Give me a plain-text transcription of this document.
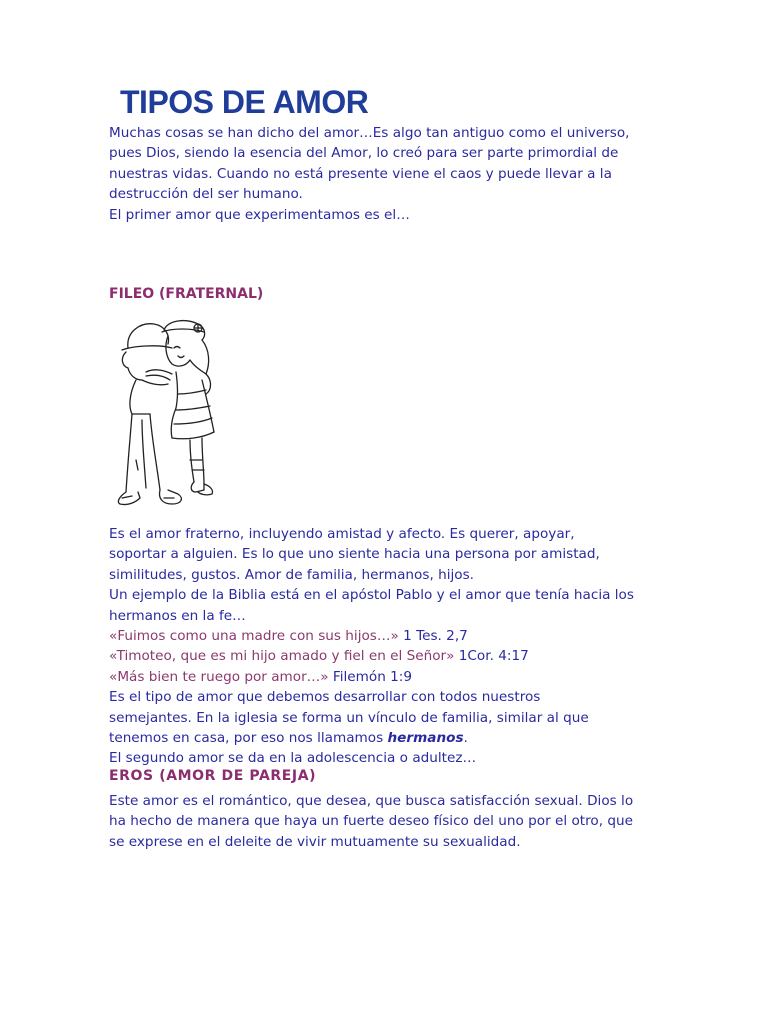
TIPOS DE AMOR
Muchas cosas se han dicho del amor…Es algo tan antiguo como el universo,
pues Dios, siendo la esencia del Amor, lo creó para ser parte primordial de
nuestras vidas. Cuando no está presente viene el caos y puede llevar a la
destrucción del ser humano.
El primer amor que experimentamos es el…
FILEO (FRATERNAL)
Es el amor fraterno, incluyendo amistad y afecto. Es querer, apoyar,
soportar a alguien. Es lo que uno siente hacia una persona por amistad,
similitudes, gustos. Amor de familia, hermanos, hijos.
Un ejemplo de la Biblia está en el apóstol Pablo y el amor que tenía hacia los
hermanos en la fe…
«Fuimos como una madre con sus hijos…» 1 Tes. 2,7
«Timoteo, que es mi hijo amado y fiel en el Señor» 1Cor. 4:17
«Más bien te ruego por amor…» Filemón 1:9
Es el tipo de amor que debemos desarrollar con todos nuestros
semejantes. En la iglesia se forma un vínculo de familia, similar al que
tenemos en casa, por eso nos llamamos hermanos.
El segundo amor se da en la adolescencia o adultez…
EROS (AMOR DE PAREJA)
Este amor es el romántico, que desea, que busca satisfacción sexual. Dios lo
ha hecho de manera que haya un fuerte deseo físico del uno por el otro, que
se exprese en el deleite de vivir mutuamente su sexualidad.
